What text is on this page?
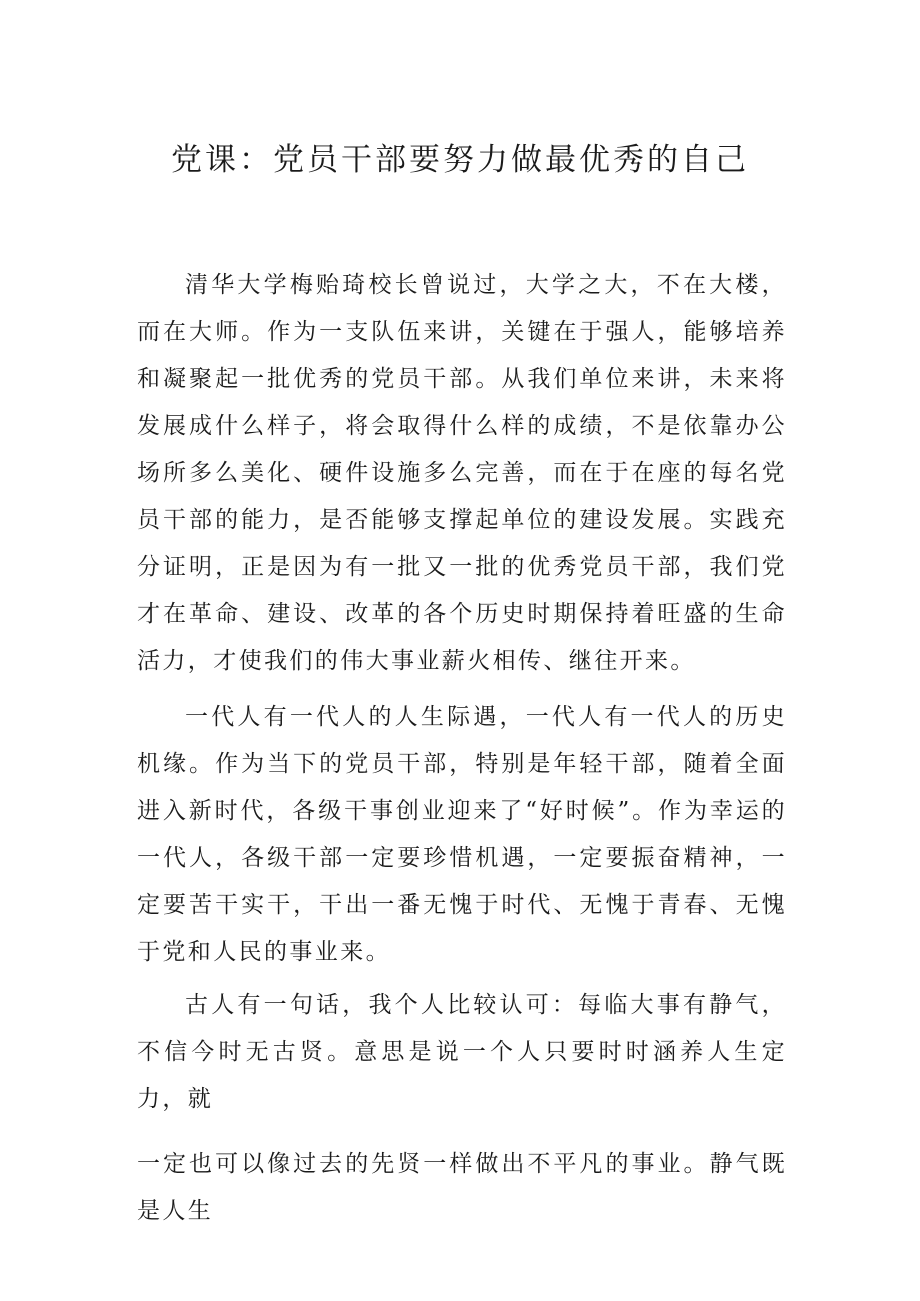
党课：党员干部要努力做最优秀的自己

清华大学梅贻琦校长曾说过，大学之大，不在大楼，而在大师。作为一支队伍来讲，关键在于强人，能够培养和凝聚起一批优秀的党员干部。从我们单位来讲，未来将发展成什么样子，将会取得什么样的成绩，不是依靠办公场所多么美化、硬件设施多么完善，而在于在座的每名党员干部的能力，是否能够支撑起单位的建设发展。实践充分证明，正是因为有一批又一批的优秀党员干部，我们党才在革命、建设、改革的各个历史时期保持着旺盛的生命活力，才使我们的伟大事业薪火相传、继往开来。

一代人有一代人的人生际遇，一代人有一代人的历史机缘。作为当下的党员干部，特别是年轻干部，随着全面进入新时代，各级干事创业迎来了“好时候”。作为幸运的一代人，各级干部一定要珍惜机遇，一定要振奋精神，一定要苦干实干，干出一番无愧于时代、无愧于青春、无愧于党和人民的事业来。

古人有一句话，我个人比较认可：每临大事有静气，不信今时无古贤。意思是说一个人只要时时涵养人生定力，就

一定也可以像过去的先贤一样做出不平凡的事业。静气既是人生
